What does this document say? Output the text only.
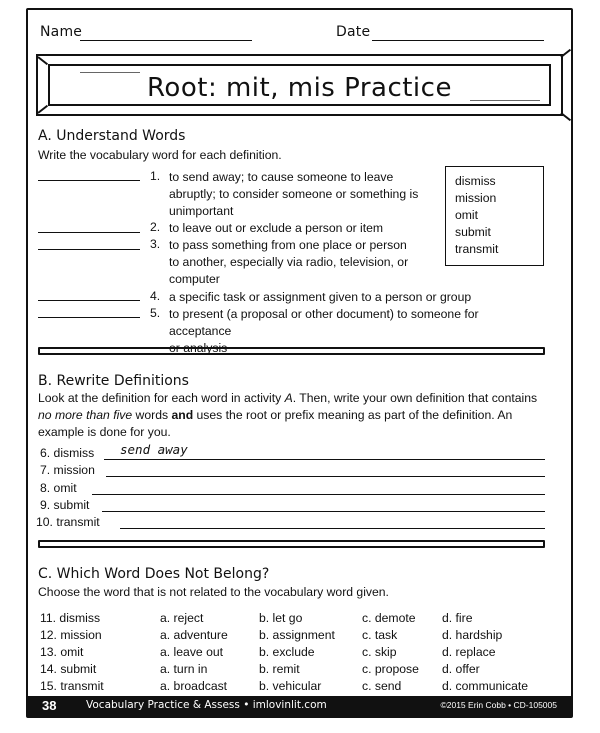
Name	Date
Root: mit, mis Practice
A. Understand Words
Write the vocabulary word for each definition.
1. to send away; to cause someone to leave
abruptly; to consider someone or something is
unimportant
2. to leave out or exclude a person or item
3. to pass something from one place or person
to another, especially via radio, television, or
computer
4. a specific task or assignment given to a person or group
5. to present (a proposal or other document) to someone for acceptance
or analysis
dismiss
mission
omit
submit
transmit
B. Rewrite Definitions
Look at the definition for each word in activity A. Then, write your own definition that contains no more than five words and uses the root or prefix meaning as part of the definition. An example is done for you.
6. dismiss send away
7. mission
8. omit
9. submit
10. transmit
C. Which Word Does Not Belong?
Choose the word that is not related to the vocabulary word given.
11. dismiss	a. reject	b. let go	c. demote d. fire
12. mission	a. adventure	b. assignment c. task	d. hardship
13. omit	a. leave out	b. exclude	c. skip	d. replace
14. submit	a. turn in	b. remit	c. propose d. offer
15. transmit	a. broadcast	b. vehicular	c. send	d. communicate
38	Vocabulary Practice & Assess • imlovinlit.com	©2015 Erin Cobb • CD-105005
